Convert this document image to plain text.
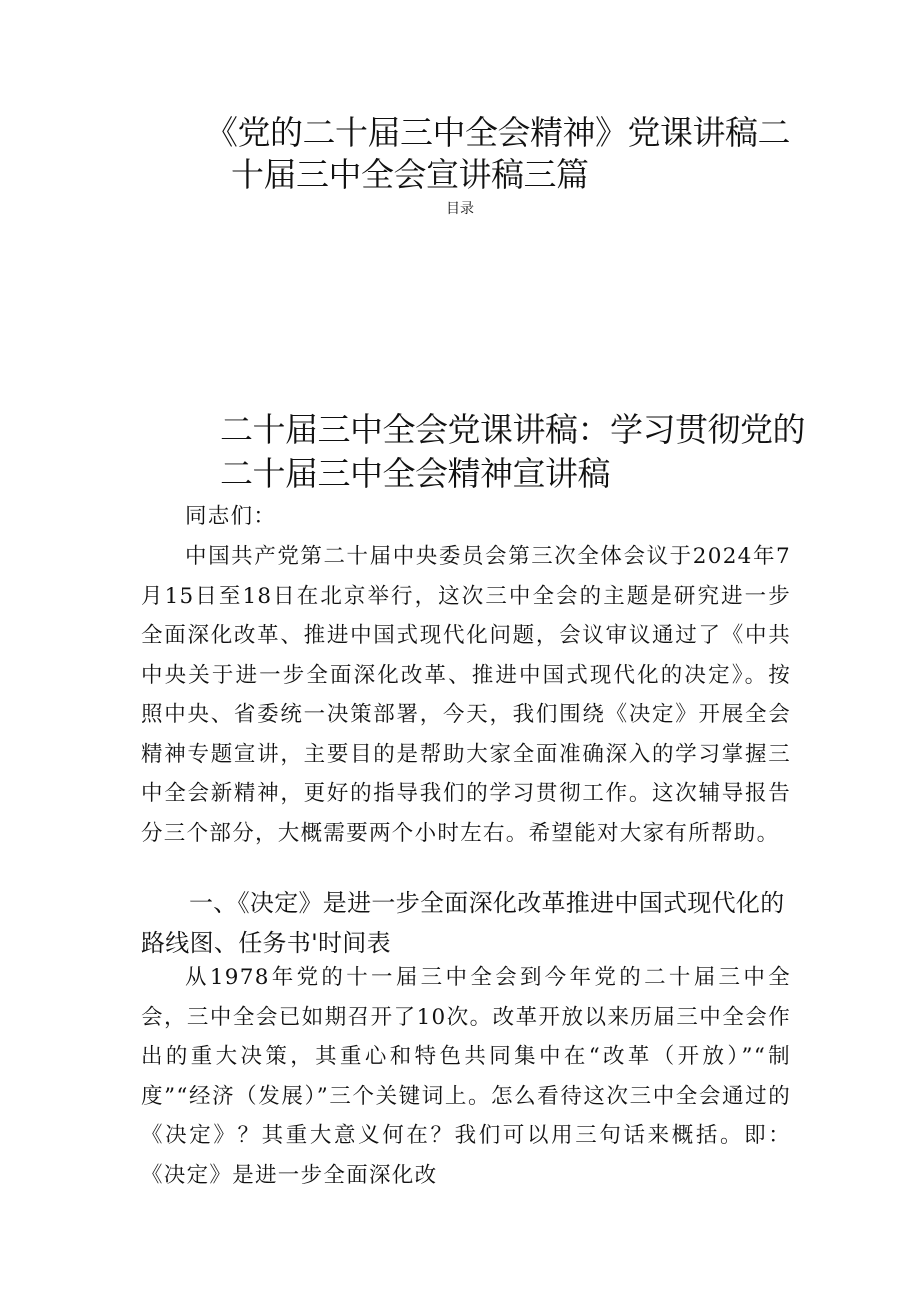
《党的二十届三中全会精神》党课讲稿二
十届三中全会宣讲稿三篇
目录
二十届三中全会党课讲稿：学习贯彻党的
二十届三中全会精神宣讲稿

同志们：

中国共产党第二十届中央委员会第三次全体会议于2024年7月15日至18日在北京举行，这次三中全会的主题是研究进一步全面深化改革、推进中国式现代化问题，会议审议通过了《中共中央关于进一步全面深化改革、推进中国式现代化的决定》。按照中央、省委统一决策部署，今天，我们围绕《决定》开展全会精神专题宣讲，主要目的是帮助大家全面准确深入的学习掌握三中全会新精神，更好的指导我们的学习贯彻工作。这次辅导报告分三个部分，大概需要两个小时左右。希望能对大家有所帮助。

一、《决定》是进一步全面深化改革推进中国式现代化的路线图、任务书'时间表

从1978年党的十一届三中全会到今年党的二十届三中全会，三中全会已如期召开了10次。改革开放以来历届三中全会作出的重大决策，其重心和特色共同集中在“改革（开放）”“制度”“经济（发展）”三个关键词上。怎么看待这次三中全会通过的《决定》？其重大意义何在？我们可以用三句话来概括。即：《决定》是进一步全面深化改
